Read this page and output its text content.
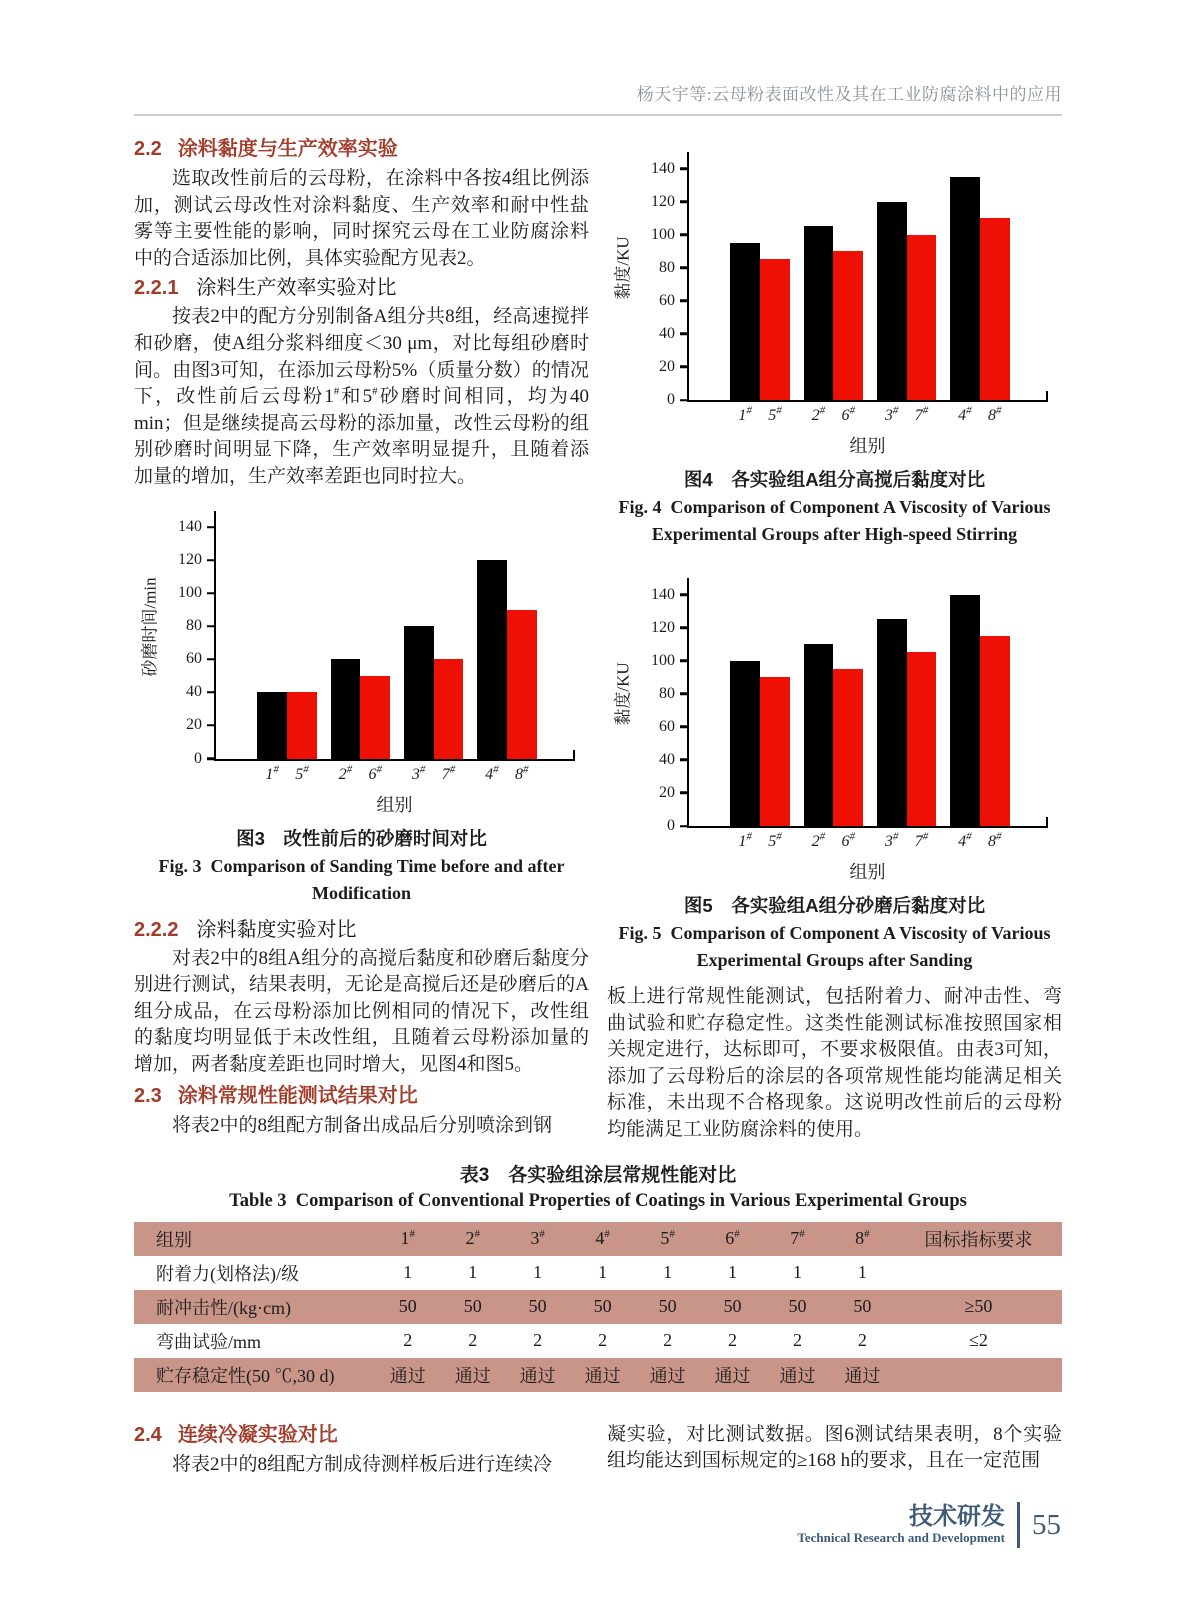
杨天宇等:云母粉表面改性及其在工业防腐涂料中的应用
2.2 涂料黏度与生产效率实验
选取改性前后的云母粉，在涂料中各按4组比例添加，测试云母改性对涂料黏度、生产效率和耐中性盐雾等主要性能的影响，同时探究云母在工业防腐涂料中的合适添加比例，具体实验配方见表2。
2.2.1 涂料生产效率实验对比
按表2中的配方分别制备A组分共8组，经高速搅拌和砂磨，使A组分浆料细度＜30 μm，对比每组砂磨时间。由图3可知，在添加云母粉5%（质量分数）的情况下，改性前后云母粉1#和5#砂磨时间相同，均为40 min；但是继续提高云母粉的添加量，改性云母粉的组别砂磨时间明显下降，生产效率明显提升，且随着添加量的增加，生产效率差距也同时拉大。
砂磨时间/min
0
20
40
60
80
100
120
140
1# 5# 2# 6# 3# 7# 4# 8#
组别
图3　改性前后的砂磨时间对比
Fig. 3  Comparison of Sanding Time before and after Modification
2.2.2 涂料黏度实验对比
对表2中的8组A组分的高搅后黏度和砂磨后黏度分别进行测试，结果表明，无论是高搅后还是砂磨后的A组分成品，在云母粉添加比例相同的情况下，改性组的黏度均明显低于未改性组，且随着云母粉添加量的增加，两者黏度差距也同时增大，见图4和图5。
2.3 涂料常规性能测试结果对比
将表2中的8组配方制备出成品后分别喷涂到钢
黏度/KU
0
20
40
60
80
100
120
140
1# 5# 2# 6# 3# 7# 4# 8#
组别
图4　各实验组A组分高搅后黏度对比
Fig. 4  Comparison of Component A Viscosity of Various Experimental Groups after High-speed Stirring
黏度/KU
0
20
40
60
80
100
120
140
1# 5# 2# 6# 3# 7# 4# 8#
组别
图5　各实验组A组分砂磨后黏度对比
Fig. 5  Comparison of Component A Viscosity of Various Experimental Groups after Sanding
板上进行常规性能测试，包括附着力、耐冲击性、弯曲试验和贮存稳定性。这类性能测试标准按照国家相关规定进行，达标即可，不要求极限值。由表3可知，添加了云母粉后的涂层的各项常规性能均能满足相关标准，未出现不合格现象。这说明改性前后的云母粉均能满足工业防腐涂料的使用。
表3　各实验组涂层常规性能对比
Table 3  Comparison of Conventional Properties of Coatings in Various Experimental Groups
组别	1#	2#	3#	4#	5#	6#	7#	8#	国标指标要求
附着力(划格法)/级	1	1	1	1	1	1	1	1	
耐冲击性/(kg·cm)	50	50	50	50	50	50	50	50	≥50
弯曲试验/mm	2	2	2	2	2	2	2	2	≤2
贮存稳定性(50 ℃,30 d)	通过	通过	通过	通过	通过	通过	通过	通过	
2.4 连续冷凝实验对比
将表2中的8组配方制成待测样板后进行连续冷
凝实验，对比测试数据。图6测试结果表明，8个实验组均能达到国标规定的≥168 h的要求，且在一定范围
技术研发
Technical Research and Development 55
